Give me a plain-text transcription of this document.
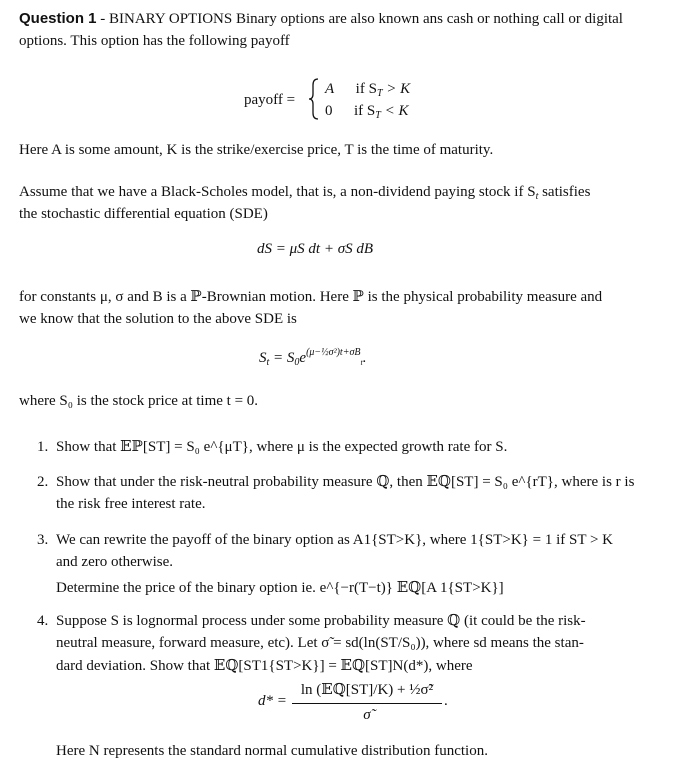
Question 1 - BINARY OPTIONS Binary options are also known ans cash or nothing call or digital
options. This option has the following payoff
payoff =
A if $S_T > K$
0 if $S_T < K$
Here A is some amount, K is the strike/exercise price, T is the time of maturity.
Assume that we have a Black-Scholes model, that is, a non-dividend paying stock if $S_t$ satisfies
the stochastic differential equation (SDE)
dS = μS dt + σS dB
for constants μ, σ and B is a ℙ-Brownian motion. Here ℙ is the physical probability measure and
we know that the solution to the above SDE is
$S_t = S_0e^{(\mu-\frac{1}{2}\sigma^2)t+\sigma B}_t$.
where S₀ is the stock price at time t = 0.
1. Show that 𝔼ℙ[ST] = S₀ e^{μT}, where μ is the expected growth rate for S.
2. Show that under the risk-neutral probability measure ℚ, then 𝔼ℚ[ST] = S₀ e^{rT}, where is r is
the risk free interest rate.
3. We can rewrite the payoff of the binary option as A1{ST>K}, where 1{ST>K} = 1 if ST > K
and zero otherwise.
Determine the price of the binary option ie. e^{−r(T−t)} 𝔼ℚ[A 1{ST>K}]
4. Suppose S is lognormal process under some probability measure ℚ (it could be the risk-
neutral measure, forward measure, etc). Let σ̃ = sd(ln(ST/S₀)), where sd means the stan-
dard deviation. Show that 𝔼ℚ[ST1{ST>K}] = 𝔼ℚ[ST]N(d*), where
d* =
ln (𝔼ℚ[ST]/K) + ½σ̃²
σ̃
.
Here N represents the standard normal cumulative distribution function.
